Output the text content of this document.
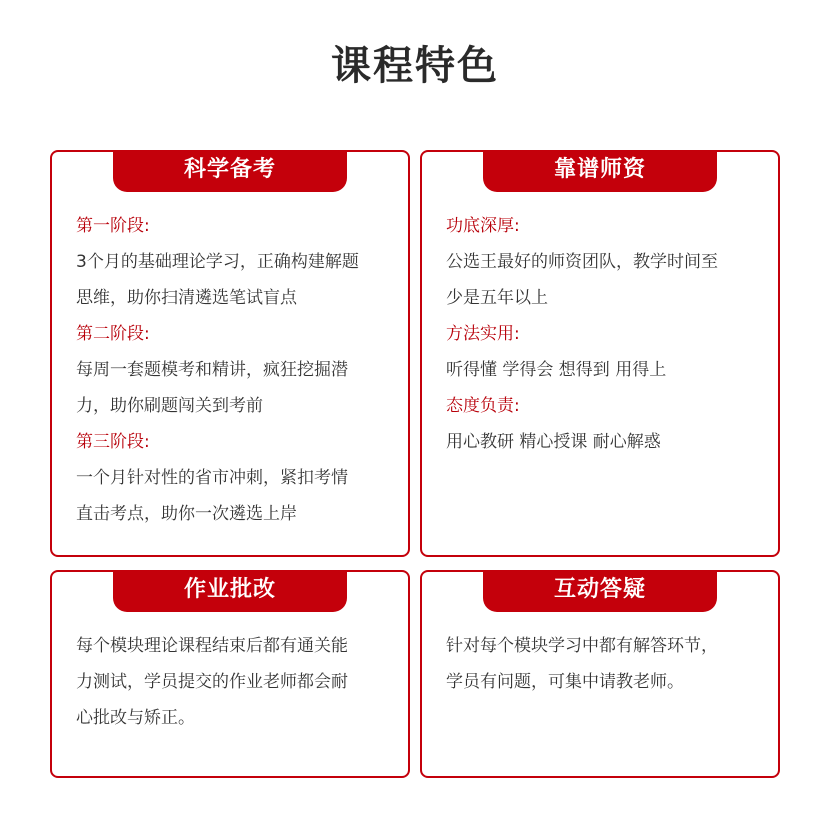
课程特色
科学备考
第一阶段:
3个月的基础理论学习，正确构建解题
思维，助你扫清遴选笔试盲点
第二阶段:
每周一套题模考和精讲，疯狂挖掘潜
力，助你刷题闯关到考前
第三阶段:
一个月针对性的省市冲刺，紧扣考情
直击考点，助你一次遴选上岸
靠谱师资
功底深厚:
公选王最好的师资团队，教学时间至
少是五年以上
方法实用:
听得懂 学得会 想得到 用得上
态度负责:
用心教研 精心授课 耐心解惑
作业批改
每个模块理论课程结束后都有通关能
力测试，学员提交的作业老师都会耐
心批改与矫正。
互动答疑
针对每个模块学习中都有解答环节，
学员有问题，可集中请教老师。
